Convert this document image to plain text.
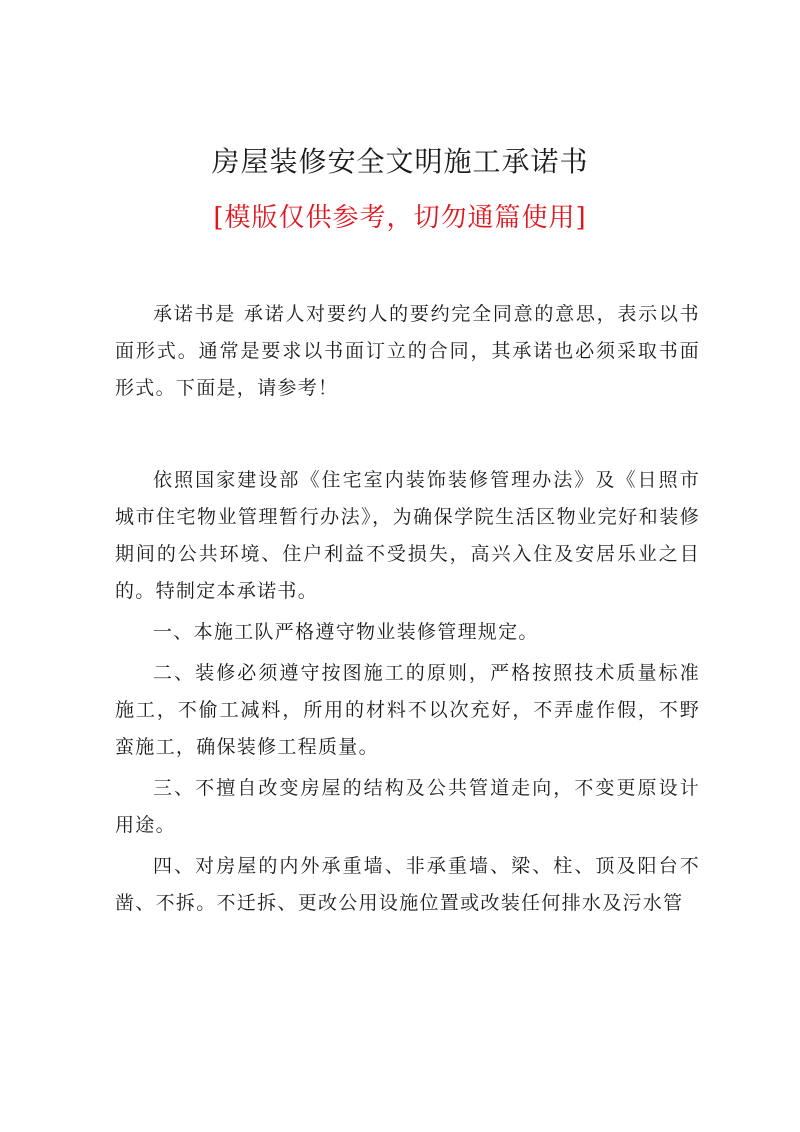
房屋装修安全文明施工承诺书
[模版仅供参考，切勿通篇使用]

承诺书是 承诺人对要约人的要约完全同意的意思，表示以书面形式。通常是要求以书面订立的合同，其承诺也必须采取书面形式。下面是，请参考！

依照国家建设部《住宅室内装饰装修管理办法》及《日照市城市住宅物业管理暂行办法》，为确保学院生活区物业完好和装修期间的公共环境、住户利益不受损失，高兴入住及安居乐业之目的。特制定本承诺书。

一、本施工队严格遵守物业装修管理规定。

二、装修必须遵守按图施工的原则，严格按照技术质量标准施工，不偷工减料，所用的材料不以次充好，不弄虚作假，不野蛮施工，确保装修工程质量。

三、不擅自改变房屋的结构及公共管道走向，不变更原设计用途。

四、对房屋的内外承重墙、非承重墙、梁、柱、顶及阳台不凿、不拆。不迁拆、更改公用设施位置或改装任何排水及污水管
